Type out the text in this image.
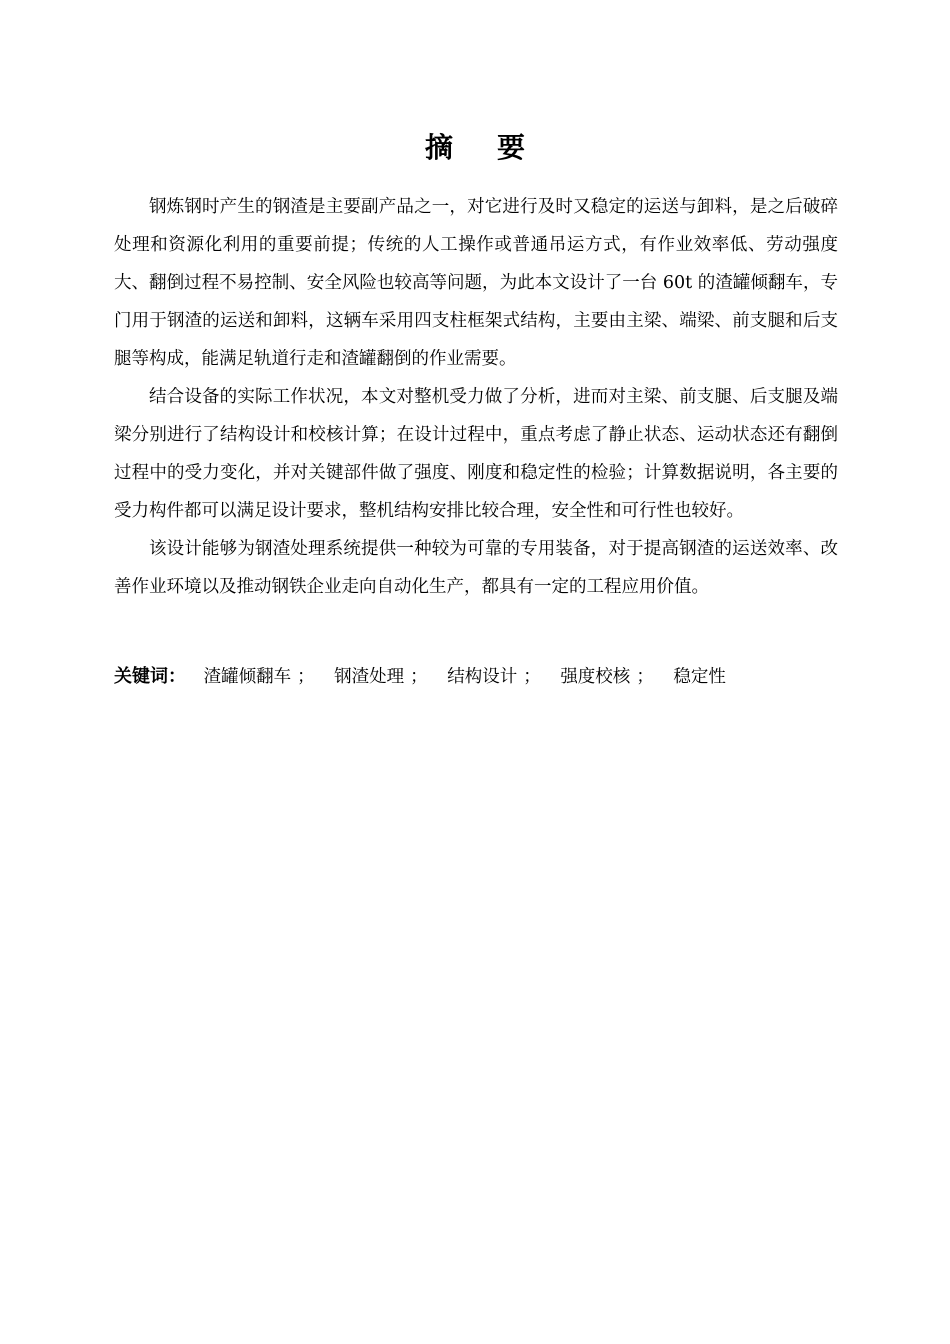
摘要

钢炼钢时产生的钢渣是主要副产品之一，对它进行及时又稳定的运送与卸料，是之后破碎处理和资源化利用的重要前提；传统的人工操作或普通吊运方式，有作业效率低、劳动强度大、翻倒过程不易控制、安全风险也较高等问题，为此本文设计了一台 60t 的渣罐倾翻车，专门用于钢渣的运送和卸料，这辆车采用四支柱框架式结构，主要由主梁、端梁、前支腿和后支腿等构成，能满足轨道行走和渣罐翻倒的作业需要。

结合设备的实际工作状况，本文对整机受力做了分析，进而对主梁、前支腿、后支腿及端梁分别进行了结构设计和校核计算；在设计过程中，重点考虑了静止状态、运动状态还有翻倒过程中的受力变化，并对关键部件做了强度、刚度和稳定性的检验；计算数据说明，各主要的受力构件都可以满足设计要求，整机结构安排比较合理，安全性和可行性也较好。

该设计能够为钢渣处理系统提供一种较为可靠的专用装备，对于提高钢渣的运送效率、改善作业环境以及推动钢铁企业走向自动化生产，都具有一定的工程应用价值。

关键词： 渣罐倾翻车 ； 钢渣处理 ； 结构设计 ； 强度校核 ； 稳定性
